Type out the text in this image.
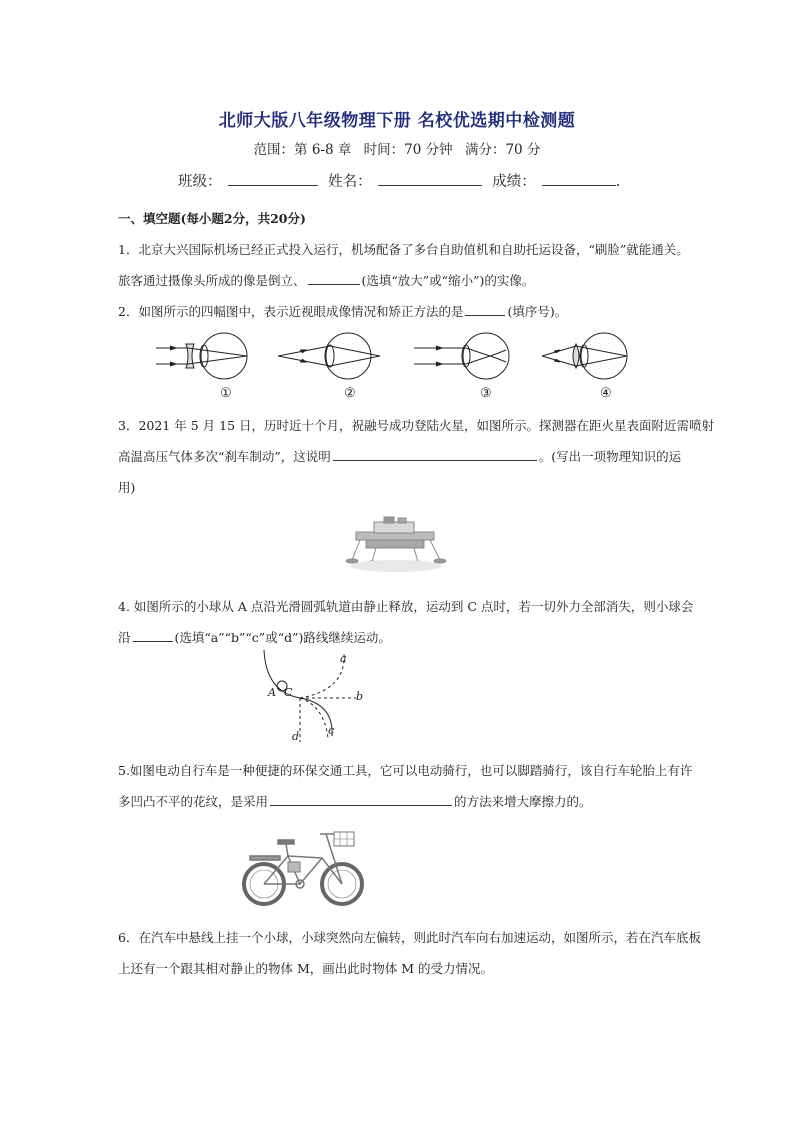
北师大版八年级物理下册 名校优选期中检测题
范围：第 6-8 章 时间：70 分钟 满分：70 分
班级：	姓名：	成绩：	.
一、填空题(每小题2分，共20分)
1．北京大兴国际机场已经正式投入运行，机场配备了多台自助值机和自助托运设备，“刷脸”就能通关。
旅客通过摄像头所成的像是倒立、	(选填“放大”或“缩小”)的实像。
2．如图所示的四幅图中，表示近视眼成像情况和矫正方法的是	(填序号)。
①	②	③	④
3．2021 年 5 月 15 日，历时近十个月，祝融号成功登陆火星，如图所示。探测器在距火星表面附近需喷射
高温高压气体多次“刹车制动”，这说明	。(写出一项物理知识的运
用)
4. 如图所示的小球从 A 点沿光滑圆弧轨道由静止释放，运动到 C 点时，若一切外力全部消失，则小球会
沿	(选填“a”“b”“c”或“d”)路线继续运动。
a
b
c
d
A C
5.如图电动自行车是一种便捷的环保交通工具，它可以电动骑行，也可以脚踏骑行，该自行车轮胎上有许
多凹凸不平的花纹，是采用	的方法来增大摩擦力的。
6．在汽车中悬线上挂一个小球，小球突然向左偏转，则此时汽车向右加速运动，如图所示，若在汽车底板
上还有一个跟其相对静止的物体 M，画出此时物体 M 的受力情况。
